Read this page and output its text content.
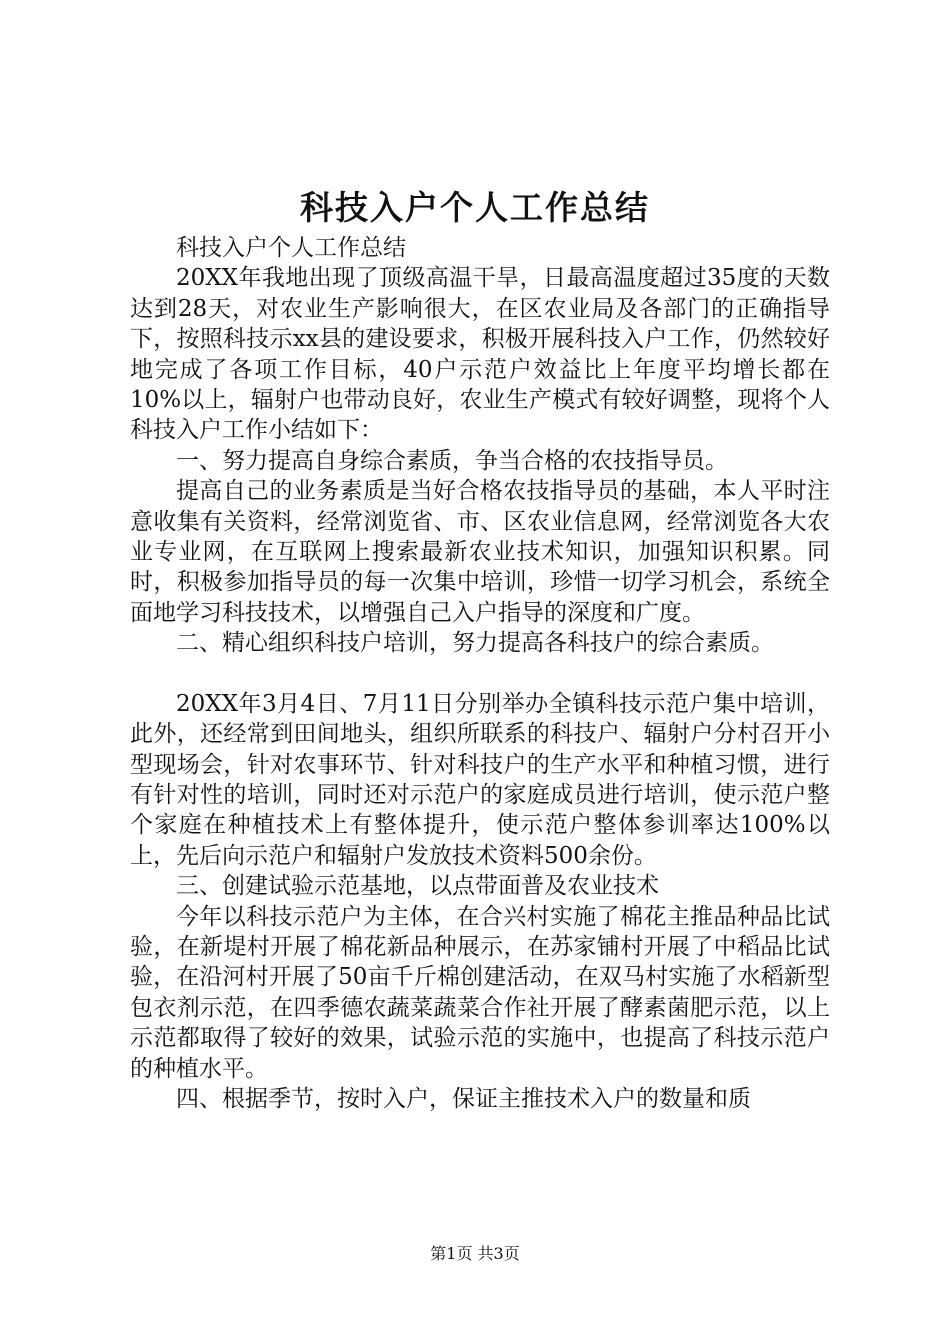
科技入户个人工作总结

科技入户个人工作总结

20XX年我地出现了顶级高温干旱，日最高温度超过35度的天数达到28天，对农业生产影响很大，在区农业局及各部门的正确指导下，按照科技示xx县的建设要求，积极开展科技入户工作，仍然较好地完成了各项工作目标，40户示范户效益比上年度平均增长都在10%以上，辐射户也带动良好，农业生产模式有较好调整，现将个人科技入户工作小结如下：

一、努力提高自身综合素质，争当合格的农技指导员。

提高自己的业务素质是当好合格农技指导员的基础，本人平时注意收集有关资料，经常浏览省、市、区农业信息网，经常浏览各大农业专业网，在互联网上搜索最新农业技术知识，加强知识积累。同时，积极参加指导员的每一次集中培训，珍惜一切学习机会，系统全面地学习科技技术，以增强自己入户指导的深度和广度。

二、精心组织科技户培训，努力提高各科技户的综合素质。

20XX年3月4日、7月11日分别举办全镇科技示范户集中培训，此外，还经常到田间地头，组织所联系的科技户、辐射户分村召开小型现场会，针对农事环节、针对科技户的生产水平和种植习惯，进行有针对性的培训，同时还对示范户的家庭成员进行培训，使示范户整个家庭在种植技术上有整体提升，使示范户整体参训率达100%以上，先后向示范户和辐射户发放技术资料500余份。

三、创建试验示范基地，以点带面普及农业技术

今年以科技示范户为主体，在合兴村实施了棉花主推品种品比试验，在新堤村开展了棉花新品种展示，在苏家铺村开展了中稻品比试验，在沿河村开展了50亩千斤棉创建活动，在双马村实施了水稻新型包衣剂示范，在四季德农蔬菜蔬菜合作社开展了酵素菌肥示范，以上示范都取得了较好的效果，试验示范的实施中，也提高了科技示范户的种植水平。

四、根据季节，按时入户，保证主推技术入户的数量和质

第1页 共3页
